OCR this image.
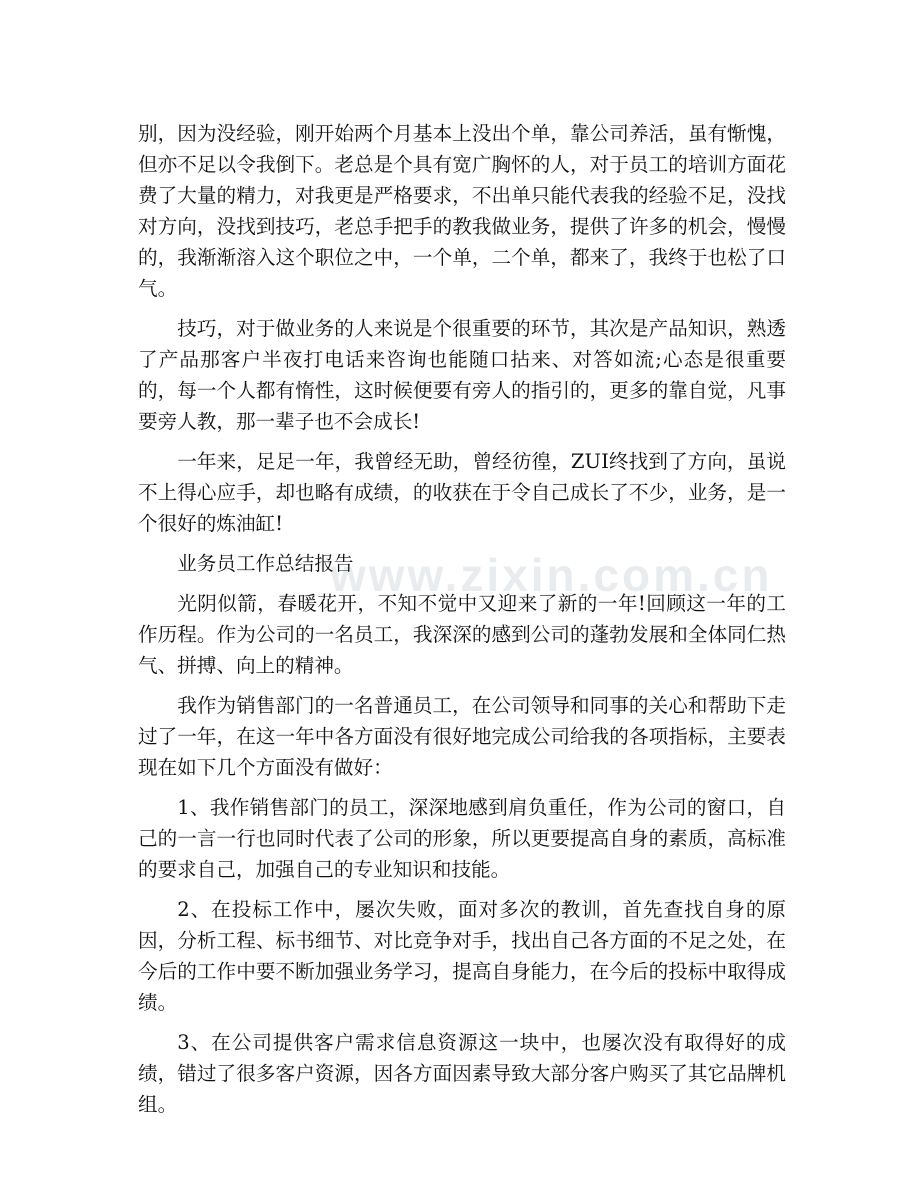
www.zixin.com.cn

别，因为没经验，刚开始两个月基本上没出个单，靠公司养活，虽有惭愧，但亦不足以令我倒下。老总是个具有宽广胸怀的人，对于员工的培训方面花费了大量的精力，对我更是严格要求，不出单只能代表我的经验不足，没找对方向，没找到技巧，老总手把手的教我做业务，提供了许多的机会，慢慢的，我渐渐溶入这个职位之中，一个单，二个单，都来了，我终于也松了口气。

技巧，对于做业务的人来说是个很重要的环节，其次是产品知识，熟透了产品那客户半夜打电话来咨询也能随口拈来、对答如流;心态是很重要的，每一个人都有惰性，这时候便要有旁人的指引的，更多的靠自觉，凡事要旁人教，那一辈子也不会成长!

一年来，足足一年，我曾经无助，曾经彷徨，ZUI终找到了方向，虽说不上得心应手，却也略有成绩，的收获在于令自己成长了不少，业务，是一个很好的炼油缸!

业务员工作总结报告

光阴似箭，春暖花开，不知不觉中又迎来了新的一年!回顾这一年的工作历程。作为公司的一名员工，我深深的感到公司的蓬勃发展和全体同仁热气、拼搏、向上的精神。

我作为销售部门的一名普通员工，在公司领导和同事的关心和帮助下走过了一年，在这一年中各方面没有很好地完成公司给我的各项指标，主要表现在如下几个方面没有做好：

1、我作销售部门的员工，深深地感到肩负重任，作为公司的窗口，自己的一言一行也同时代表了公司的形象，所以更要提高自身的素质，高标准的要求自己，加强自己的专业知识和技能。

2、在投标工作中，屡次失败，面对多次的教训，首先查找自身的原因，分析工程、标书细节、对比竞争对手，找出自己各方面的不足之处，在今后的工作中要不断加强业务学习，提高自身能力，在今后的投标中取得成绩。

3、在公司提供客户需求信息资源这一块中，也屡次没有取得好的成绩，错过了很多客户资源，因各方面因素导致大部分客户购买了其它品牌机组。
